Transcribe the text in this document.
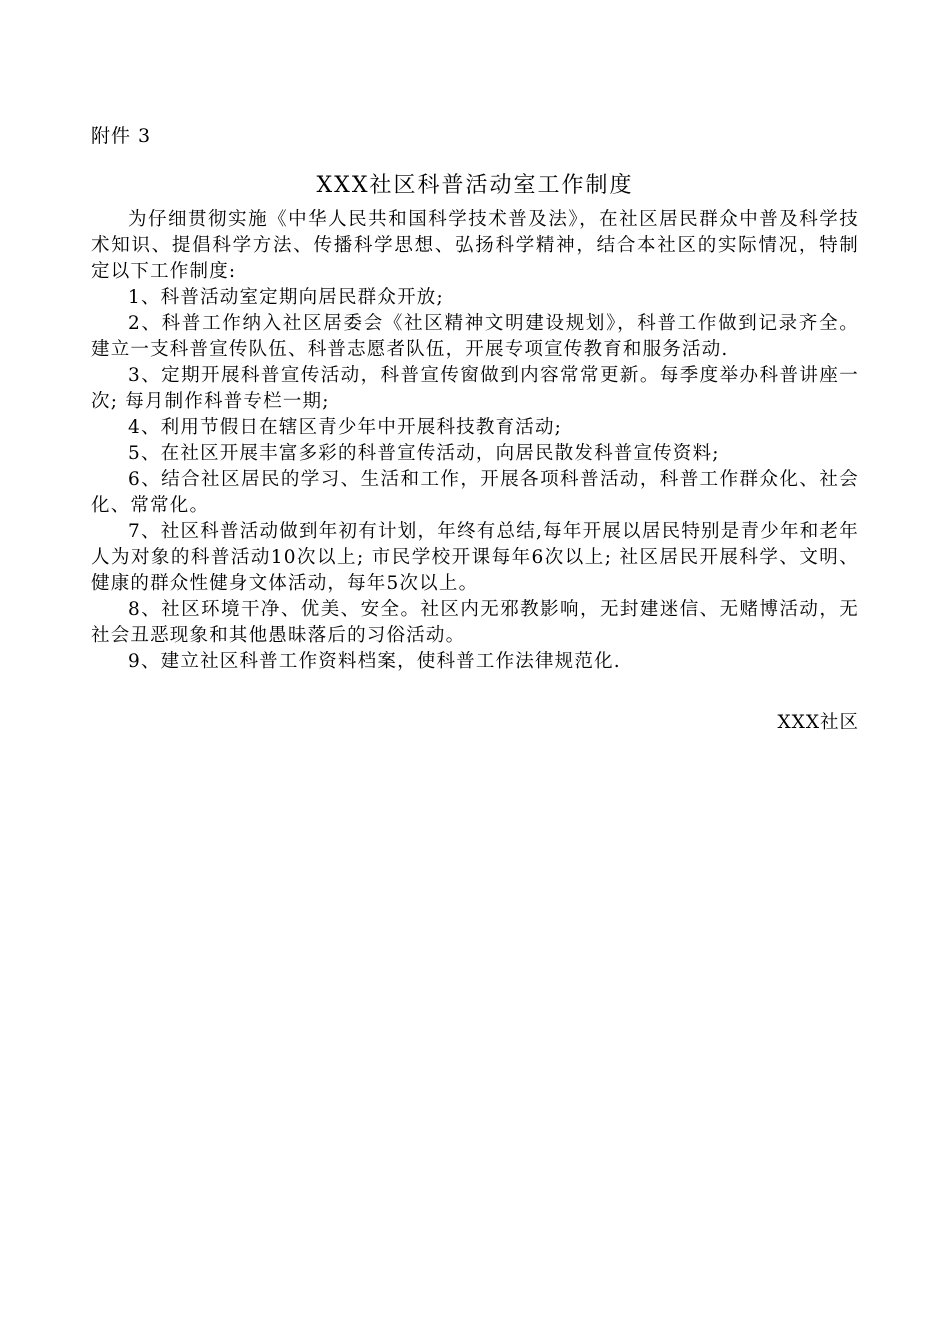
附件 3
XXX社区科普活动室工作制度

为仔细贯彻实施《中华人民共和国科学技术普及法》，在社区居民群众中普及科学技术知识、提倡科学方法、传播科学思想、弘扬科学精神，结合本社区的实际情况，特制定以下工作制度:

1、科普活动室定期向居民群众开放;

2、科普工作纳入社区居委会《社区精神文明建设规划》，科普工作做到记录齐全。建立一支科普宣传队伍、科普志愿者队伍，开展专项宣传教育和服务活动.

3、定期开展科普宣传活动，科普宣传窗做到内容常常更新。每季度举办科普讲座一次; 每月制作科普专栏一期;

4、利用节假日在辖区青少年中开展科技教育活动;

5、在社区开展丰富多彩的科普宣传活动，向居民散发科普宣传资料;

6、结合社区居民的学习、生活和工作，开展各项科普活动，科普工作群众化、社会化、常常化。

7、社区科普活动做到年初有计划，年终有总结,每年开展以居民特别是青少年和老年人为对象的科普活动10次以上; 市民学校开课每年6次以上; 社区居民开展科学、文明、健康的群众性健身文体活动，每年5次以上。

8、社区环境干净、优美、安全。社区内无邪教影响，无封建迷信、无赌博活动，无社会丑恶现象和其他愚昧落后的习俗活动。

9、建立社区科普工作资料档案，使科普工作法律规范化.

XXX社区
